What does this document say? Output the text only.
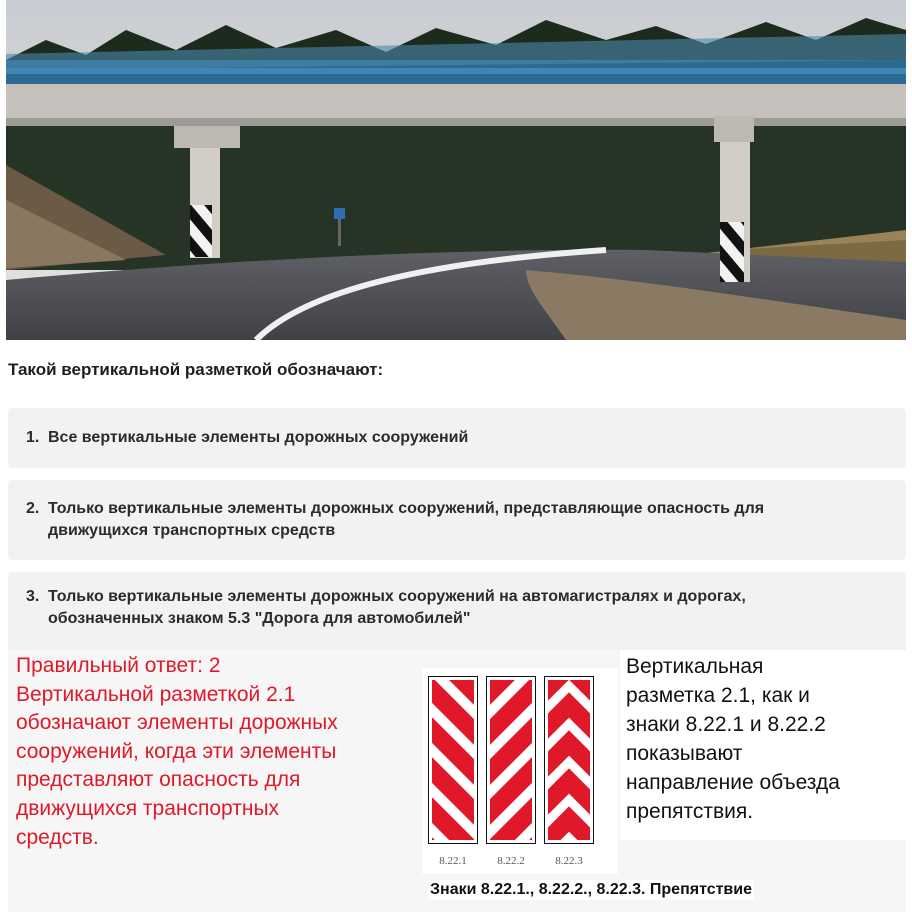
Такой вертикальной разметкой обозначают:
1. Все вертикальные элементы дорожных сооружений
2. Только вертикальные элементы дорожных сооружений, представляющие опасность для
движущихся транспортных средств
3. Только вертикальные элементы дорожных сооружений на автомагистралях и дорогах,
обозначенных знаком 5.3 "Дорога для автомобилей"
Правильный ответ: 2
Вертикальной разметкой 2.1
обозначают элементы дорожных
сооружений, когда эти элементы
представляют опасность для
движущихся транспортных
средств.
8.22.1	8.22.2	8.22.3
Знаки 8.22.1., 8.22.2., 8.22.3. Препятствие
Вертикальная
разметка 2.1, как и
знаки 8.22.1 и 8.22.2
показывают
направление объезда
препятствия.
